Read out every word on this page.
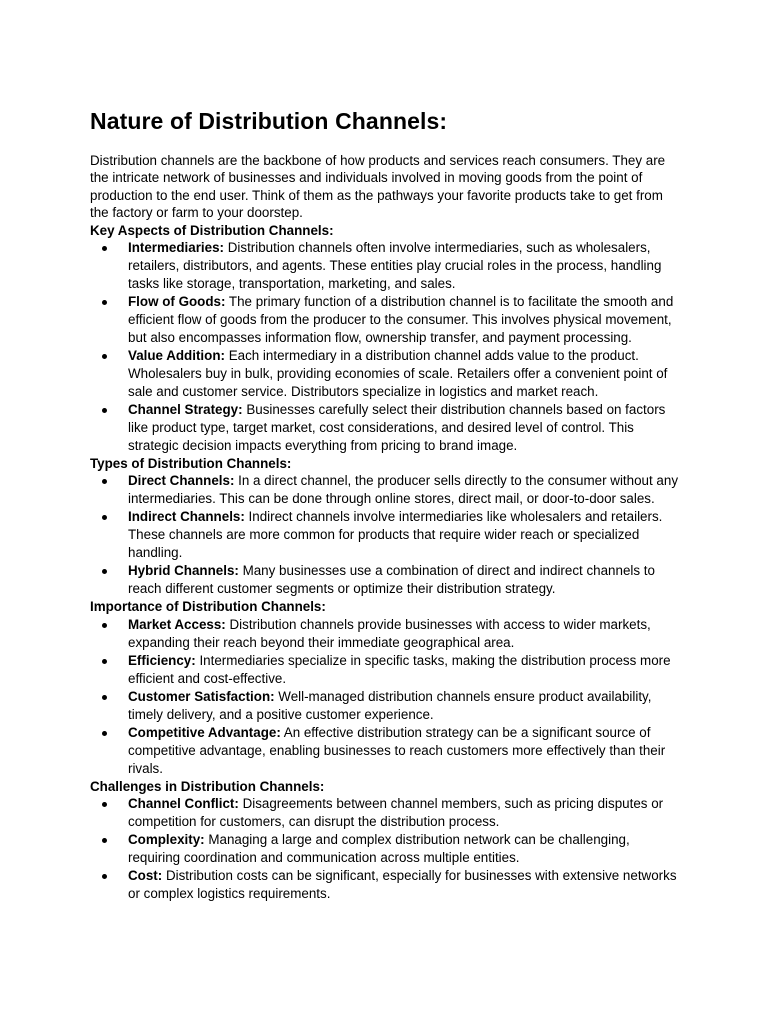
Nature of Distribution Channels:

Distribution channels are the backbone of how products and services reach consumers. They are the intricate network of businesses and individuals involved in moving goods from the point of production to the end user. Think of them as the pathways your favorite products take to get from the factory or farm to your doorstep.

Key Aspects of Distribution Channels:

Intermediaries: Distribution channels often involve intermediaries, such as wholesalers, retailers, distributors, and agents. These entities play crucial roles in the process, handling tasks like storage, transportation, marketing, and sales.
Flow of Goods: The primary function of a distribution channel is to facilitate the smooth and efficient flow of goods from the producer to the consumer. This involves physical movement, but also encompasses information flow, ownership transfer, and payment processing.
Value Addition: Each intermediary in a distribution channel adds value to the product. Wholesalers buy in bulk, providing economies of scale. Retailers offer a convenient point of sale and customer service. Distributors specialize in logistics and market reach.
Channel Strategy: Businesses carefully select their distribution channels based on factors like product type, target market, cost considerations, and desired level of control. This strategic decision impacts everything from pricing to brand image.

Types of Distribution Channels:

Direct Channels: In a direct channel, the producer sells directly to the consumer without any intermediaries. This can be done through online stores, direct mail, or door-to-door sales.
Indirect Channels: Indirect channels involve intermediaries like wholesalers and retailers. These channels are more common for products that require wider reach or specialized handling.
Hybrid Channels: Many businesses use a combination of direct and indirect channels to reach different customer segments or optimize their distribution strategy.

Importance of Distribution Channels:

Market Access: Distribution channels provide businesses with access to wider markets, expanding their reach beyond their immediate geographical area.
Efficiency: Intermediaries specialize in specific tasks, making the distribution process more efficient and cost-effective.
Customer Satisfaction: Well-managed distribution channels ensure product availability, timely delivery, and a positive customer experience.
Competitive Advantage: An effective distribution strategy can be a significant source of competitive advantage, enabling businesses to reach customers more effectively than their rivals.

Challenges in Distribution Channels:

Channel Conflict: Disagreements between channel members, such as pricing disputes or competition for customers, can disrupt the distribution process.
Complexity: Managing a large and complex distribution network can be challenging, requiring coordination and communication across multiple entities.
Cost: Distribution costs can be significant, especially for businesses with extensive networks or complex logistics requirements.
